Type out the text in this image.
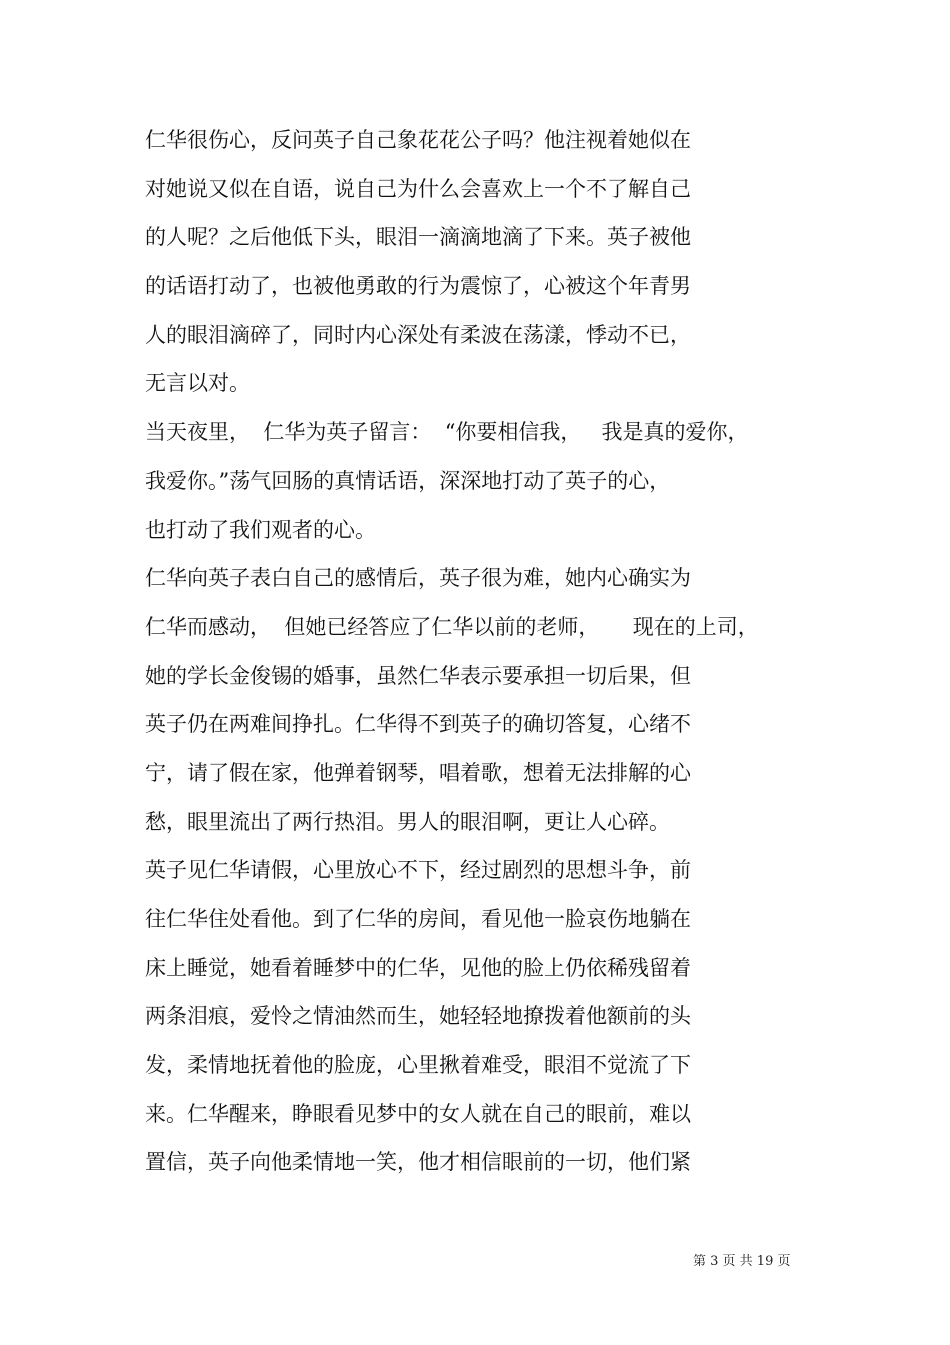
仁华很伤心，反问英子自己象花花公子吗？他注视着她似在
对她说又似在自语，说自己为什么会喜欢上一个不了解自己
的人呢？之后他低下头，眼泪一滴滴地滴了下来。英子被他
的话语打动了，也被他勇敢的行为震惊了，心被这个年青男
人的眼泪滴碎了，同时内心深处有柔波在荡漾，悸动不已，
无言以对。
当天夜里，  仁华为英子留言：  “你要相信我，   我是真的爱你，
我爱你。”荡气回肠的真情话语，深深地打动了英子的心，
也打动了我们观者的心。
仁华向英子表白自己的感情后，英子很为难，她内心确实为
仁华而感动，  但她已经答应了仁华以前的老师，     现在的上司，
她的学长金俊锡的婚事，虽然仁华表示要承担一切后果，但
英子仍在两难间挣扎。仁华得不到英子的确切答复，心绪不
宁，请了假在家，他弹着钢琴，唱着歌，想着无法排解的心
愁，眼里流出了两行热泪。男人的眼泪啊，更让人心碎。
英子见仁华请假，心里放心不下，经过剧烈的思想斗争，前
往仁华住处看他。到了仁华的房间，看见他一脸哀伤地躺在
床上睡觉，她看着睡梦中的仁华，见他的脸上仍依稀残留着
两条泪痕，爱怜之情油然而生，她轻轻地撩拨着他额前的头
发，柔情地抚着他的脸庞，心里揪着难受，眼泪不觉流了下
来。仁华醒来，睁眼看见梦中的女人就在自己的眼前，难以
置信，英子向他柔情地一笑，他才相信眼前的一切，他们紧
第 3 页 共 19 页
